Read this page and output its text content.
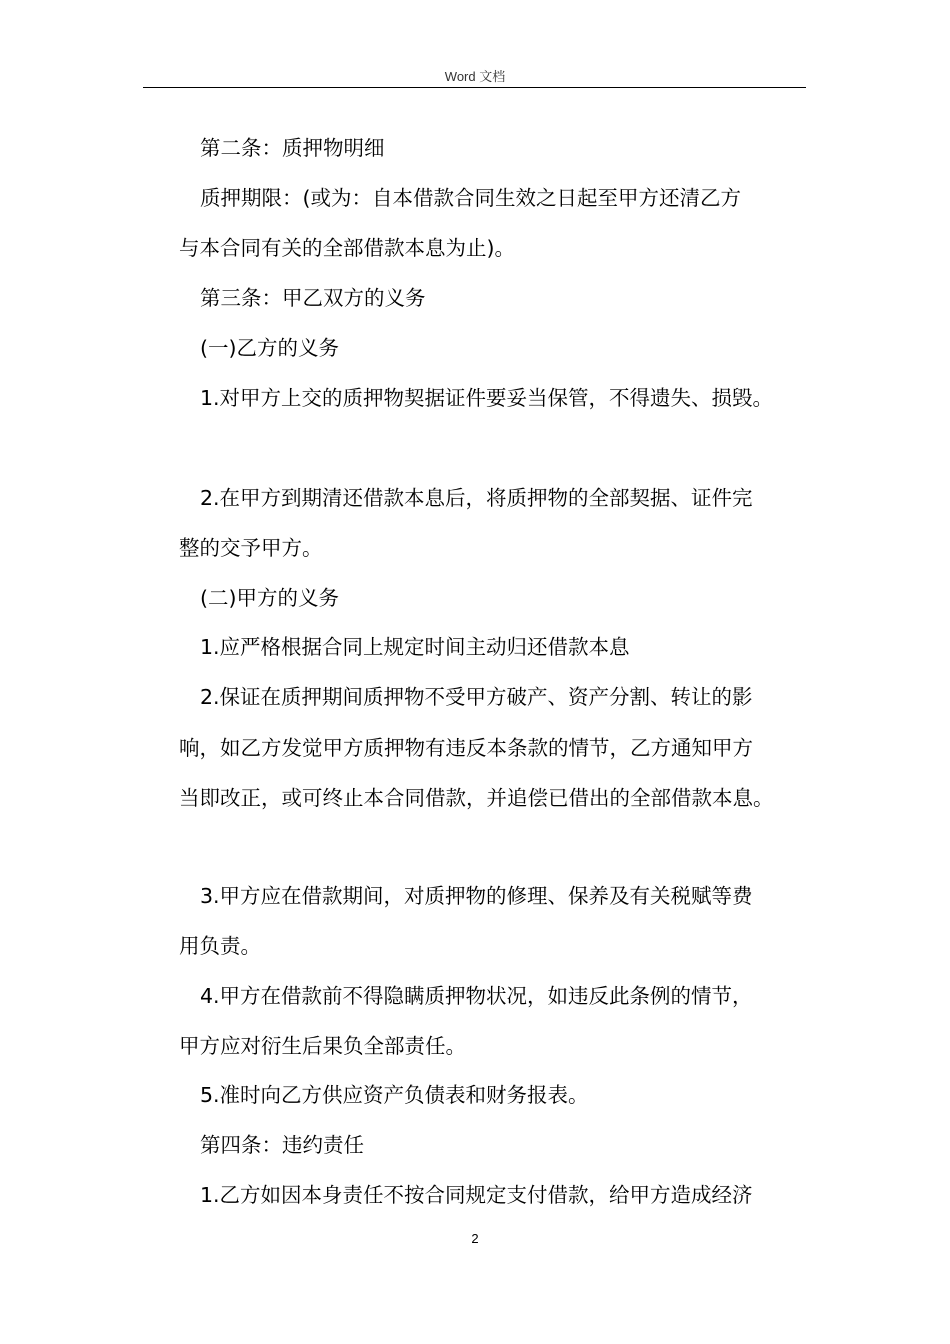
Word 文档
第二条：质押物明细
质押期限：(或为：自本借款合同生效之日起至甲方还清乙方
与本合同有关的全部借款本息为止)。
第三条：甲乙双方的义务
(一)乙方的义务
1.对甲方上交的质押物契据证件要妥当保管，不得遗失、损毁。
2.在甲方到期清还借款本息后，将质押物的全部契据、证件完
整的交予甲方。
(二)甲方的义务
1.应严格根据合同上规定时间主动归还借款本息
2.保证在质押期间质押物不受甲方破产、资产分割、转让的影
响，如乙方发觉甲方质押物有违反本条款的情节，乙方通知甲方
当即改正，或可终止本合同借款，并追偿已借出的全部借款本息。
3.甲方应在借款期间，对质押物的修理、保养及有关税赋等费
用负责。
4.甲方在借款前不得隐瞒质押物状况，如违反此条例的情节，
甲方应对衍生后果负全部责任。
5.准时向乙方供应资产负债表和财务报表。
第四条：违约责任
1.乙方如因本身责任不按合同规定支付借款，给甲方造成经济
2
